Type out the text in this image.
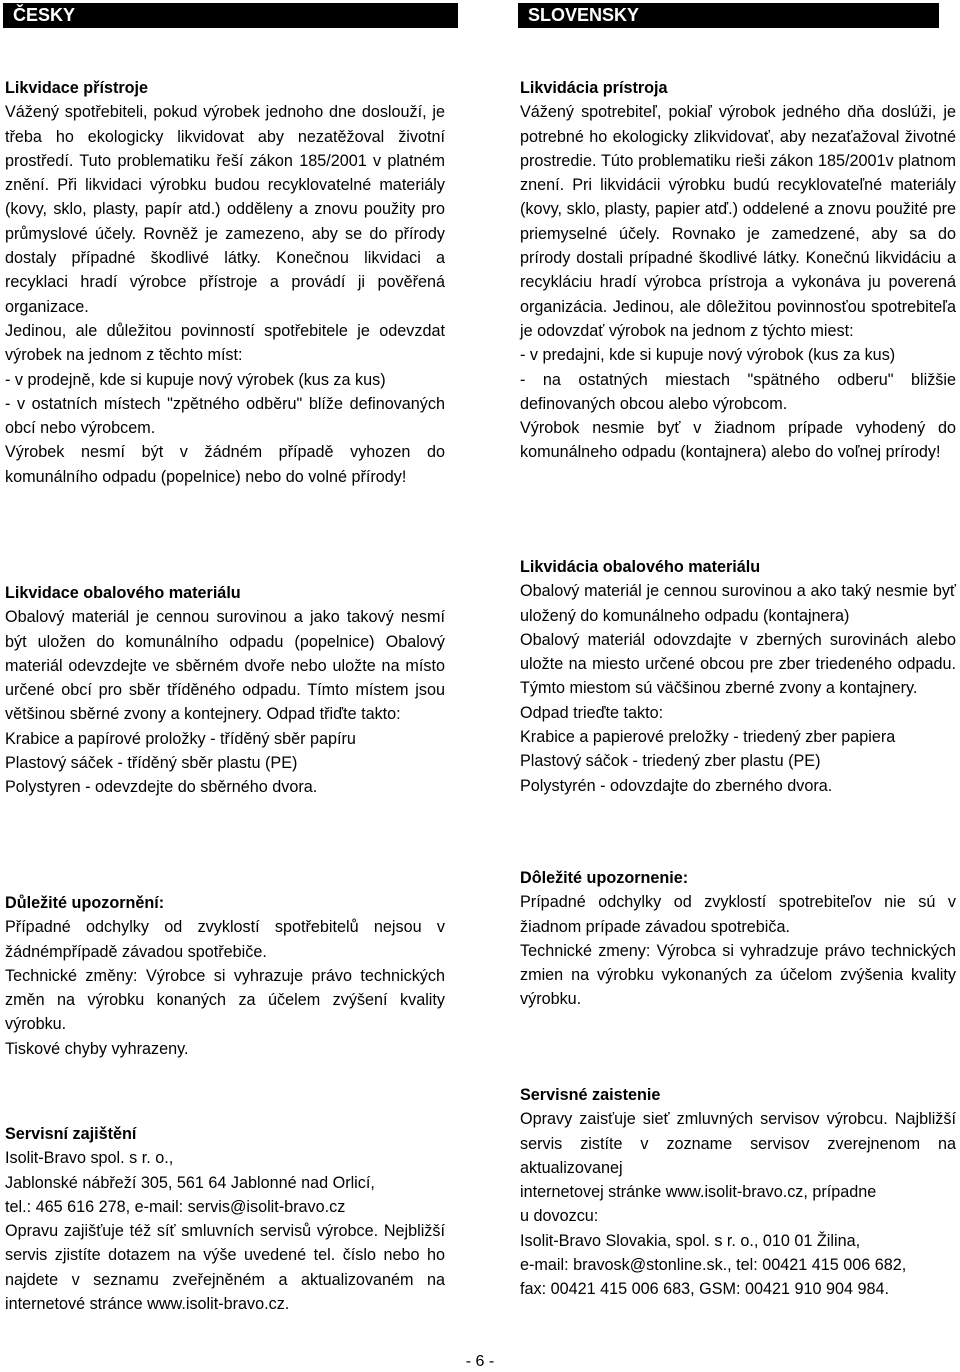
ČESKY	SLOVENSKY

Likvidace přístroje

Vážený spotřebiteli, pokud výrobek jednoho dne doslouží, je třeba ho ekologicky likvidovat aby nezatěžoval životní prostředí. Tuto problematiku řeší zákon 185/2001 v platném znění. Při likvidaci výrobku budou recyklovatelné materiály (kovy, sklo, plasty, papír atd.) odděleny a znovu použity pro průmyslové účely. Rovněž je zamezeno, aby se do přírody dostaly případné škodlivé látky. Konečnou likvidaci a recyklaci hradí výrobce přístroje a provádí ji pověřená organizace.

Jedinou, ale důležitou povinností spotřebitele je odevzdat výrobek na jednom z těchto míst:

- v prodejně, kde si kupuje nový výrobek (kus za kus)

- v ostatních místech "zpětného odběru" blíže definovaných obcí nebo výrobcem.

Výrobek nesmí být v žádném případě vyhozen do komunálního odpadu (popelnice) nebo do volné přírody!

Likvidace obalového materiálu

Obalový materiál je cennou surovinou a jako takový nesmí být uložen do komunálního odpadu (popelnice) Obalový materiál odevzdejte ve sběrném dvoře nebo uložte na místo určené obcí pro sběr tříděného odpadu. Tímto místem jsou většinou sběrné zvony a kontejnery. Odpad třiďte takto:

Krabice a papírové proložky - tříděný sběr papíru

Plastový sáček - tříděný sběr plastu (PE)

Polystyren - odevzdejte do sběrného dvora.

Důležité upozornění:

Případné odchylky od zvyklostí spotřebitelů nejsou v žádnémpřípadě závadou spotřebiče.

Technické změny: Výrobce si vyhrazuje právo technických změn na výrobku konaných za účelem zvýšení kvality výrobku.

Tiskové chyby vyhrazeny.

Servisní zajištění

Isolit-Bravo spol. s r. o.,

Jablonské nábřeží 305, 561 64 Jablonné nad Orlicí,

tel.: 465 616 278, e-mail: servis@isolit-bravo.cz

Opravu zajišťuje též síť smluvních servisů výrobce. Nejbližší servis zjistíte dotazem na výše uvedené tel. číslo nebo ho najdete v seznamu zveřejněném a aktualizovaném na internetové stránce www.isolit-bravo.cz.

Likvidácia prístroja

Vážený spotrebiteľ, pokiaľ výrobok jedného dňa doslúži, je potrebné ho ekologicky zlikvidovať, aby nezaťažoval životné prostredie. Túto problematiku rieši zákon 185/2001v platnom znení. Pri likvidácii výrobku budú recyklovateľné materiály (kovy, sklo, plasty, papier atď.) oddelené a znovu použité pre priemyselné účely. Rovnako je zamedzené, aby sa do prírody dostali prípadné škodlivé látky. Konečnú likvidáciu a recykláciu hradí výrobca prístroja a vykonáva ju poverená organizácia. Jedinou, ale dôležitou povinnosťou spotrebiteľa je odovzdať výrobok na jednom z týchto miest:

- v predajni, kde si kupuje nový výrobok (kus za kus)

- na ostatných miestach "spätného odberu" bližšie definovaných obcou alebo výrobcom.

Výrobok nesmie byť v žiadnom prípade vyhodený do komunálneho odpadu (kontajnera) alebo do voľnej prírody!

Likvidácia obalového materiálu

Obalový materiál je cennou surovinou a ako taký nesmie byť uložený do komunálneho odpadu (kontajnera)

Obalový materiál odovzdajte v zberných surovinách alebo uložte na miesto určené obcou pre zber triedeného odpadu. Týmto miestom sú väčšinou zberné zvony a kontajnery.

Odpad trieďte takto:

Krabice a papierové preložky - triedený zber papiera

Plastový sáčok - triedený zber plastu (PE)

Polystyrén - odovzdajte do zberného dvora.

Dôležité upozornenie:

Prípadné odchylky od zvyklostí spotrebiteľov nie sú v žiadnom prípade závadou spotrebiča.

Technické zmeny: Výrobca si vyhradzuje právo technických zmien na výrobku vykonaných za účelom zvýšenia kvality výrobku.

Servisné zaistenie

Opravy zaisťuje sieť zmluvných servisov výrobcu. Najbližší servis zistíte v zozname servisov zverejnenom na aktualizovanej

internetovej stránke www.isolit-bravo.cz, prípadne

u dovozcu:

Isolit-Bravo Slovakia, spol. s r. o., 010 01 Žilina,

e-mail: bravosk@stonline.sk., tel: 00421 415 006 682,

fax: 00421 415 006 683, GSM: 00421 910 904 984.

- 6 -
